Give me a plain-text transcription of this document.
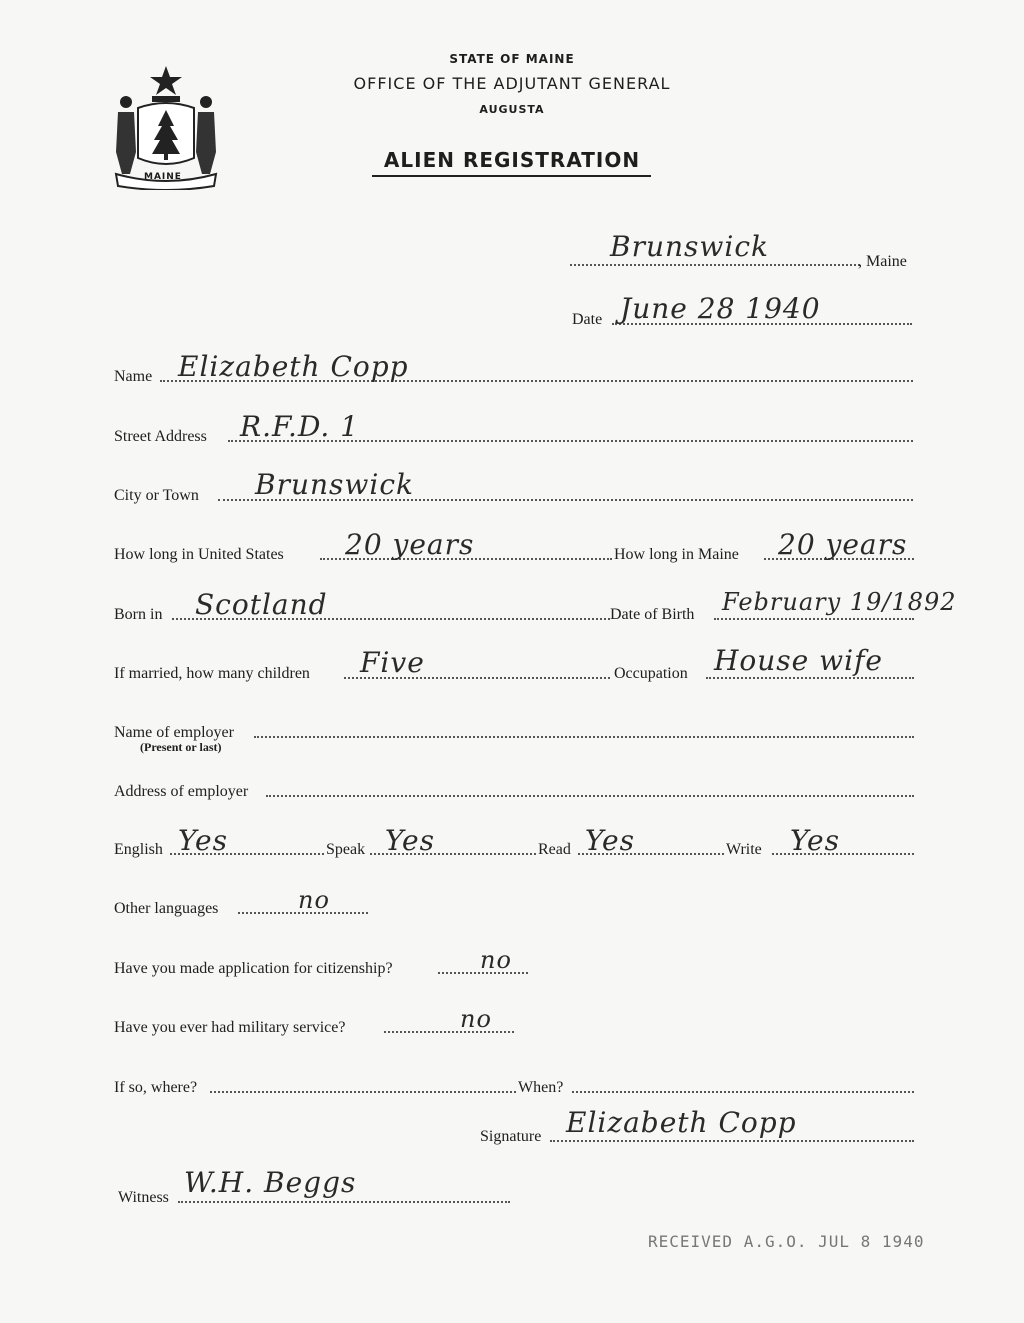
MAINE
STATE OF MAINE
OFFICE OF THE ADJUTANT GENERAL
AUGUSTA
ALIEN REGISTRATION
Brunswick	, Maine
Date June 28 1940
Name Elizabeth Copp
Street Address R.F.D. 1
City or Town Brunswick
How long in United States 20 years	How long in Maine 20 years
Born in Scotland	Date of Birth February 19/1892
If married, how many children Five	Occupation House wife
Name of employer
(Present or last)
Address of employer
English Yes	Speak Yes	Read Yes	Write Yes
Other languages	no
Have you made application for citizenship?	no
Have you ever had military service?	no
If so, where?	When?
Signature Elizabeth Copp
Witness W.H. Beggs
RECEIVED A.G.O. JUL 8 1940
